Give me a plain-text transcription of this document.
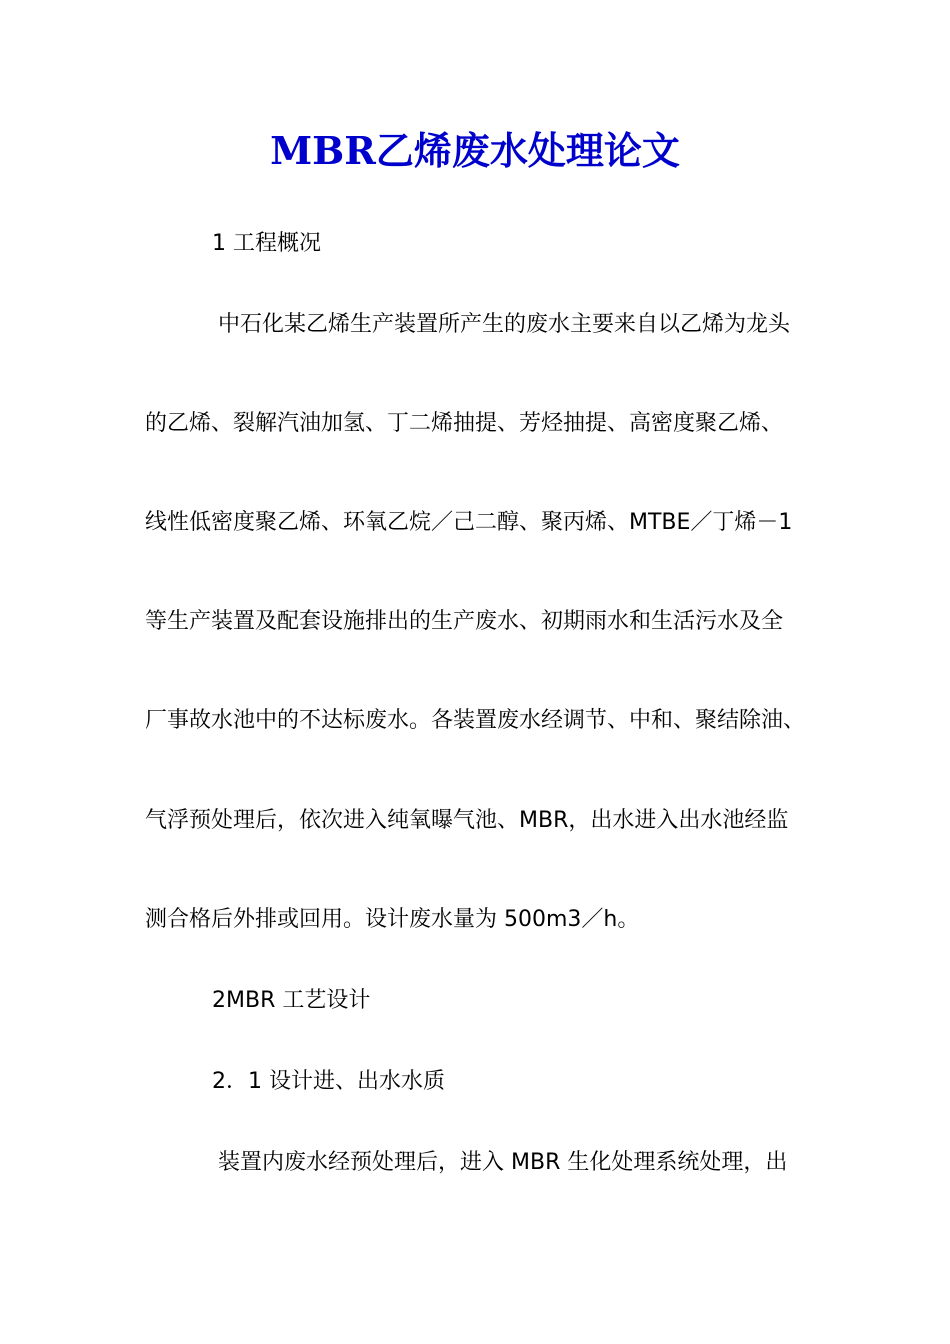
MBR乙烯废水处理论文
1 工程概况
中石化某乙烯生产装置所产生的废水主要来自以乙烯为龙头
的乙烯、裂解汽油加氢、丁二烯抽提、芳烃抽提、高密度聚乙烯、
线性低密度聚乙烯、环氧乙烷／己二醇、聚丙烯、MTBE／丁烯－1
等生产装置及配套设施排出的生产废水、初期雨水和生活污水及全
厂事故水池中的不达标废水。各装置废水经调节、中和、聚结除油、
气浮预处理后，依次进入纯氧曝气池、MBR，出水进入出水池经监
测合格后外排或回用。设计废水量为 500m3／h。
2MBR 工艺设计
2．1 设计进、出水水质
装置内废水经预处理后，进入 MBR 生化处理系统处理，出
